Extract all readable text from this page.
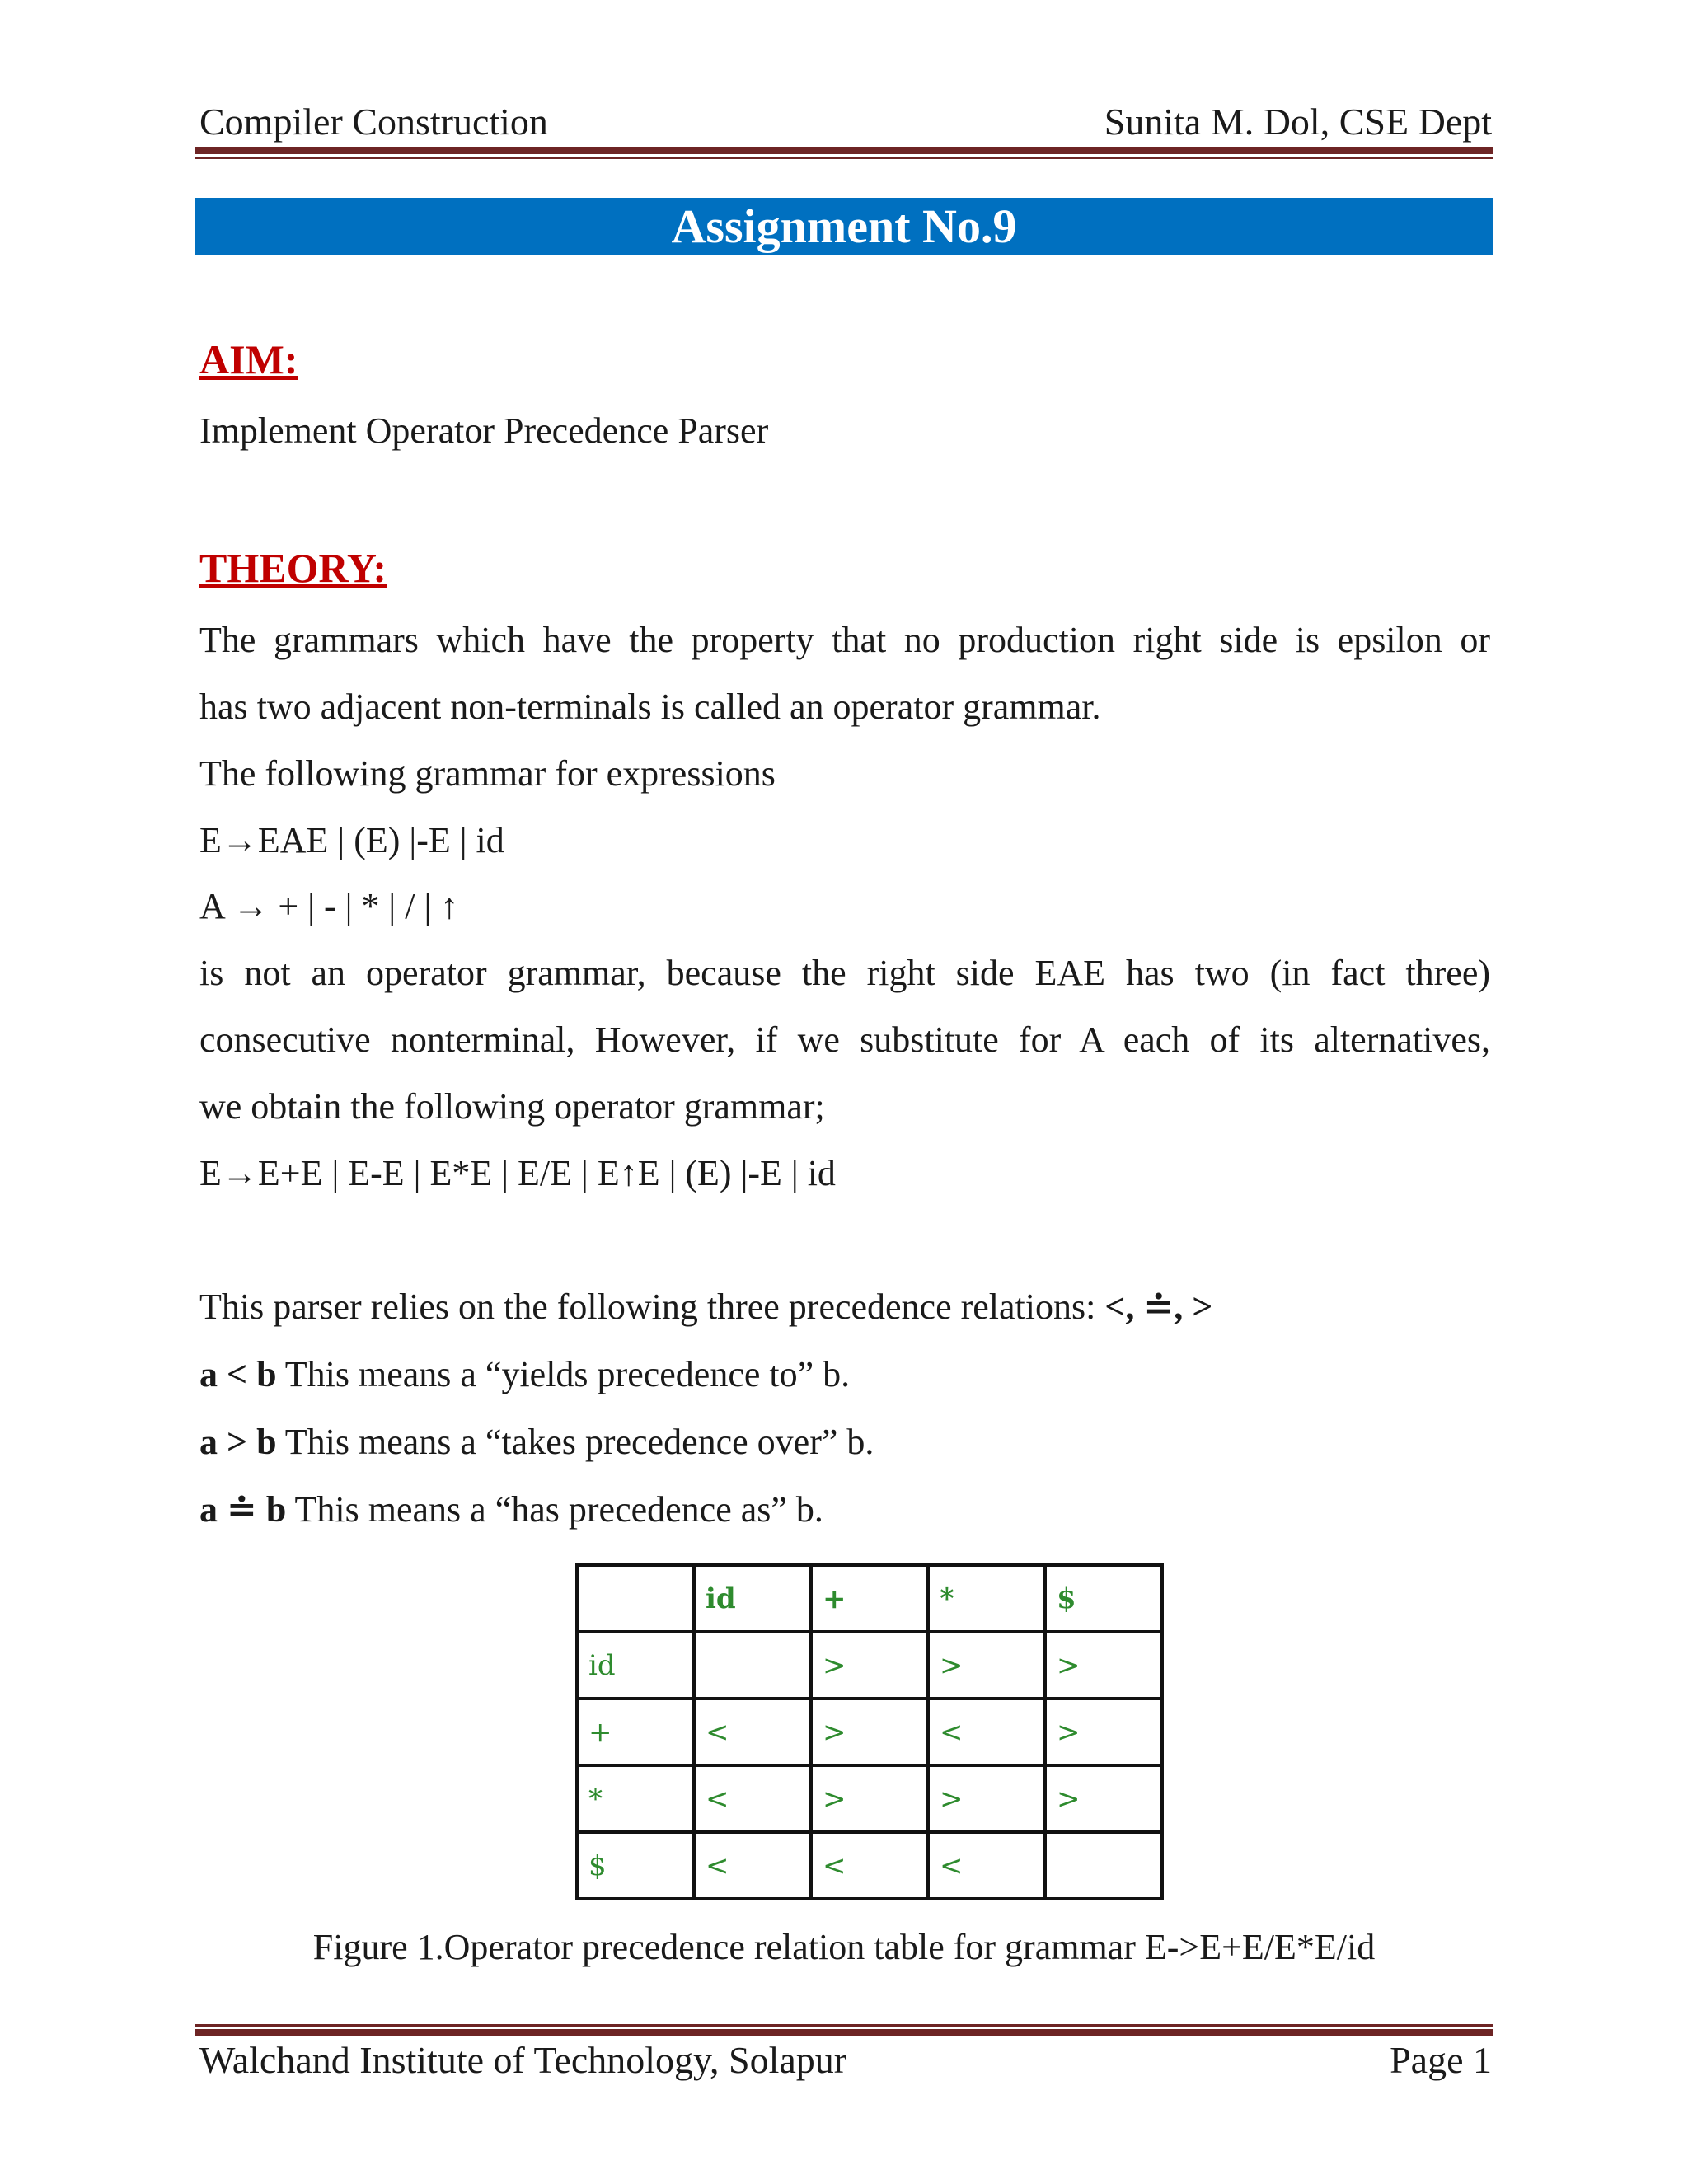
Compiler Construction	Sunita M. Dol, CSE Dept
Assignment No.9
AIM:
Implement Operator Precedence Parser
THEORY:
The grammars which have the property that no production right side is epsilon or
has two adjacent non-terminals is called an operator grammar.
The following grammar for expressions
E→EAE | (E) |-E | id
A → + | - | * | / | ↑
is not an operator grammar, because the right side EAE has two (in fact three)
consecutive nonterminal, However, if we substitute for A each of its alternatives,
we obtain the following operator grammar;
E→E+E | E-E | E*E | E/E | E↑E | (E) |-E | id
This parser relies on the following three precedence relations: <, ≐, >
a < b This means a “yields precedence to” b.
a > b This means a “takes precedence over” b.
a ≐ b This means a “has precedence as” b.
	id	+	*	$
id		>	>	>
+	<	>	<	>
*	<	>	>	>
$	<	<	<	
Figure 1.Operator precedence relation table for grammar E->E+E/E*E/id
Walchand Institute of Technology, Solapur	Page 1
